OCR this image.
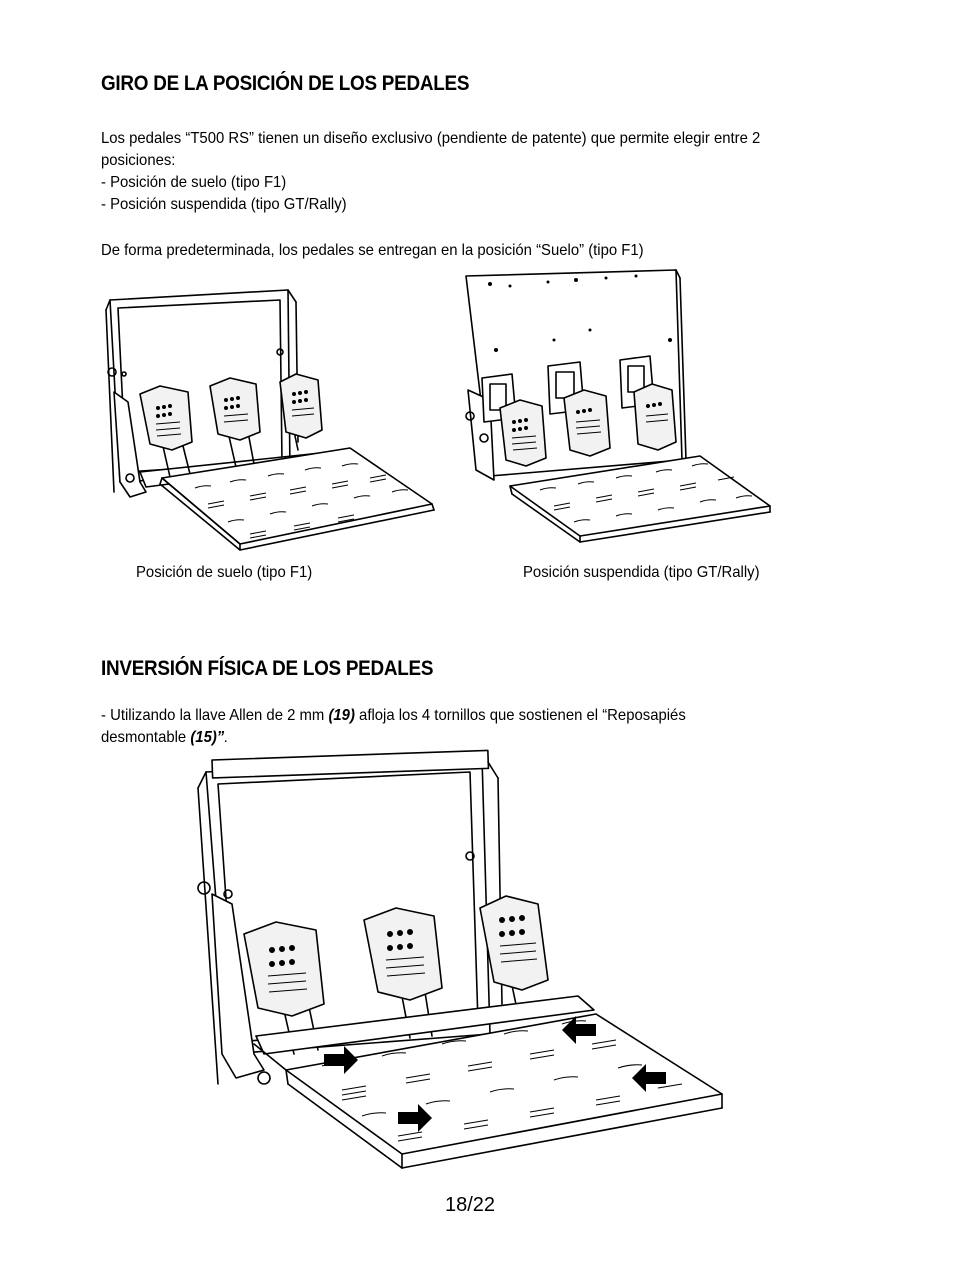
GIRO DE LA POSICIÓN DE LOS PEDALES
Los pedales “T500 RS” tienen un diseño exclusivo (pendiente de patente) que permite elegir entre 2
posiciones:
- Posición de suelo (tipo F1)
- Posición suspendida (tipo GT/Rally)
De forma predeterminada, los pedales se entregan en la posición “Suelo” (tipo F1)
Posición de suelo (tipo F1)	Posición suspendida (tipo GT/Rally)
INVERSIÓN FÍSICA DE LOS PEDALES
- Utilizando la llave Allen de 2 mm (19) afloja los 4 tornillos que sostienen el “Reposapiés
desmontable (15)”.
18/22
